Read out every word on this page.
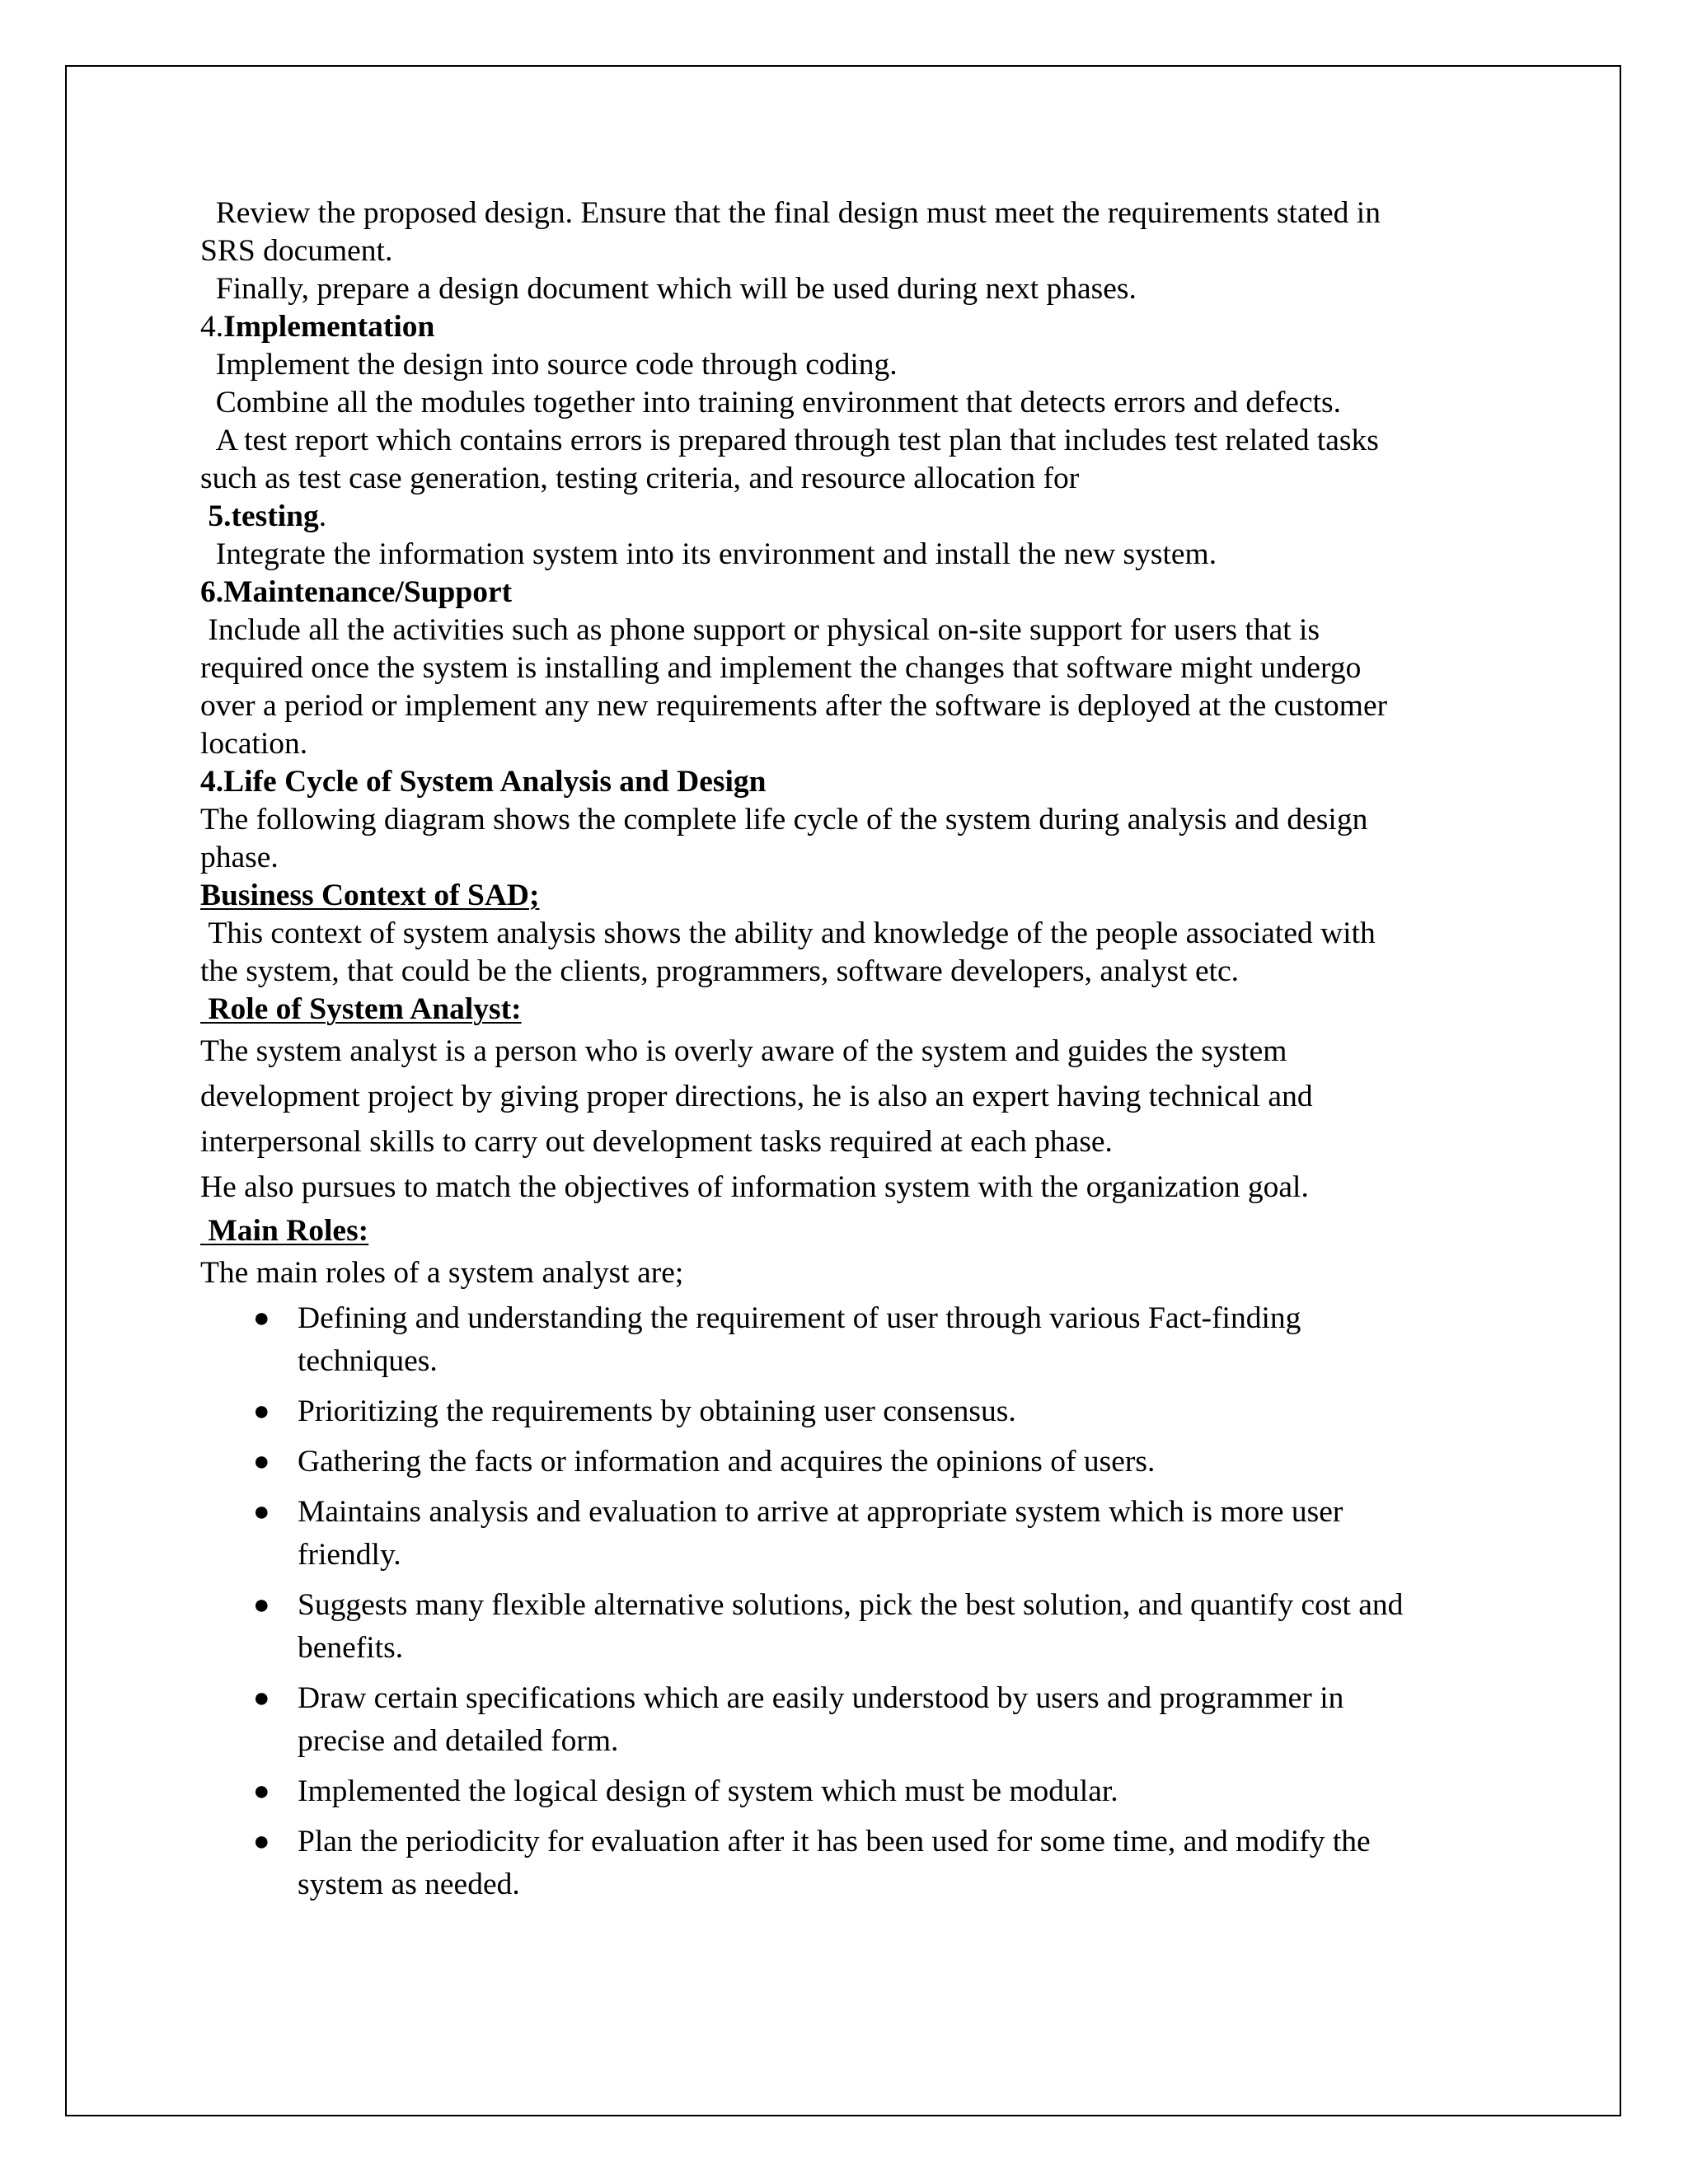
Review the proposed design. Ensure that the final design must meet the requirements stated in

SRS document.

Finally, prepare a design document which will be used during next phases.

4.Implementation

Implement the design into source code through coding.

Combine all the modules together into training environment that detects errors and defects.

A test report which contains errors is prepared through test plan that includes test related tasks

such as test case generation, testing criteria, and resource allocation for

5.testing.

Integrate the information system into its environment and install the new system.

6.Maintenance/Support

Include all the activities such as phone support or physical on-site support for users that is

required once the system is installing and implement the changes that software might undergo

over a period or implement any new requirements after the software is deployed at the customer

location.

4.Life Cycle of System Analysis and Design

The following diagram shows the complete life cycle of the system during analysis and design

phase.

Business Context of SAD;

This context of system analysis shows the ability and knowledge of the people associated with

the system, that could be the clients, programmers, software developers, analyst etc.

Role of System Analyst:

The system analyst is a person who is overly aware of the system and guides the system

development project by giving proper directions, he is also an expert having technical and

interpersonal skills to carry out development tasks required at each phase.

He also pursues to match the objectives of information system with the organization goal.

Main Roles:

The main roles of a system analyst are;

● Defining and understanding the requirement of user through various Fact-finding
techniques.
● Prioritizing the requirements by obtaining user consensus.
● Gathering the facts or information and acquires the opinions of users.
● Maintains analysis and evaluation to arrive at appropriate system which is more user
friendly.
● Suggests many flexible alternative solutions, pick the best solution, and quantify cost and
benefits.
● Draw certain specifications which are easily understood by users and programmer in
precise and detailed form.
● Implemented the logical design of system which must be modular.
● Plan the periodicity for evaluation after it has been used for some time, and modify the
system as needed.
